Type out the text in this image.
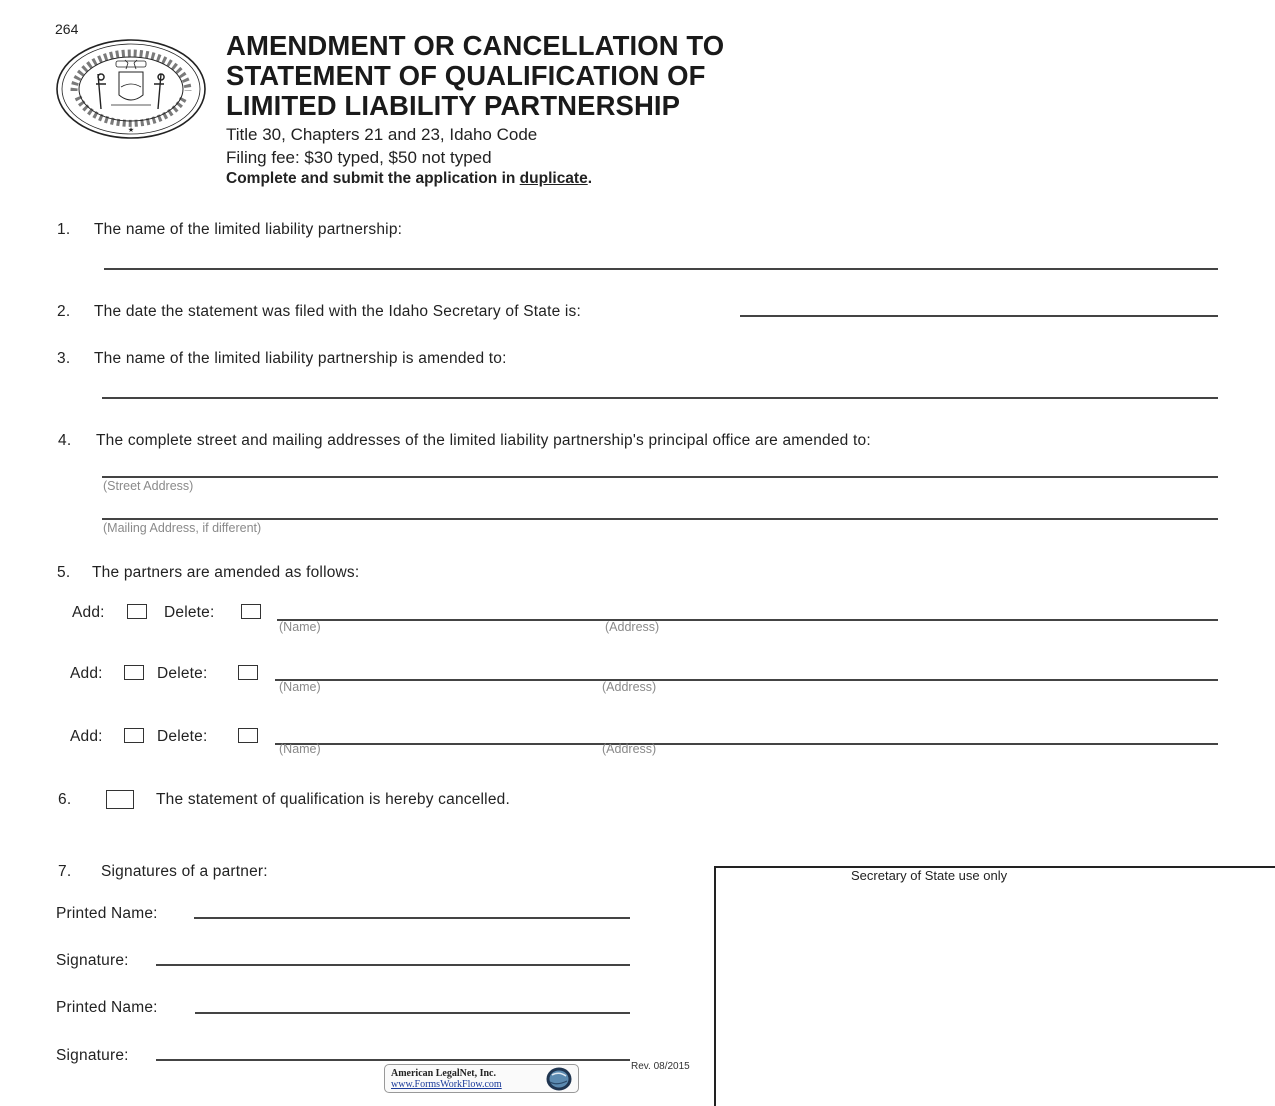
264
★
AMENDMENT OR CANCELLATION TO
STATEMENT OF QUALIFICATION OF
LIMITED LIABILITY PARTNERSHIP
Title 30, Chapters 21 and 23, Idaho Code
Filing fee: $30 typed, $50 not typed
Complete and submit the application in duplicate.
1. The name of the limited liability partnership:
2. The date the statement was filed with the Idaho Secretary of State is:
3. The name of the limited liability partnership is amended to:
4. The complete street and mailing addresses of the limited liability partnership's principal office are amended to:
(Street Address)
(Mailing Address, if different)
5. The partners are amended as follows:
Add:	Delete:
(Name)	(Address)
Add:	Delete:
(Name)	(Address)
Add:	Delete:
(Name)	(Address)
6.	The statement of qualification is hereby cancelled.
7. Signatures of a partner:
Printed Name:
Signature:
Printed Name:
Signature:
Secretary of State use only
Rev. 08/2015
American LegalNet, Inc.
www.FormsWorkFlow.com
